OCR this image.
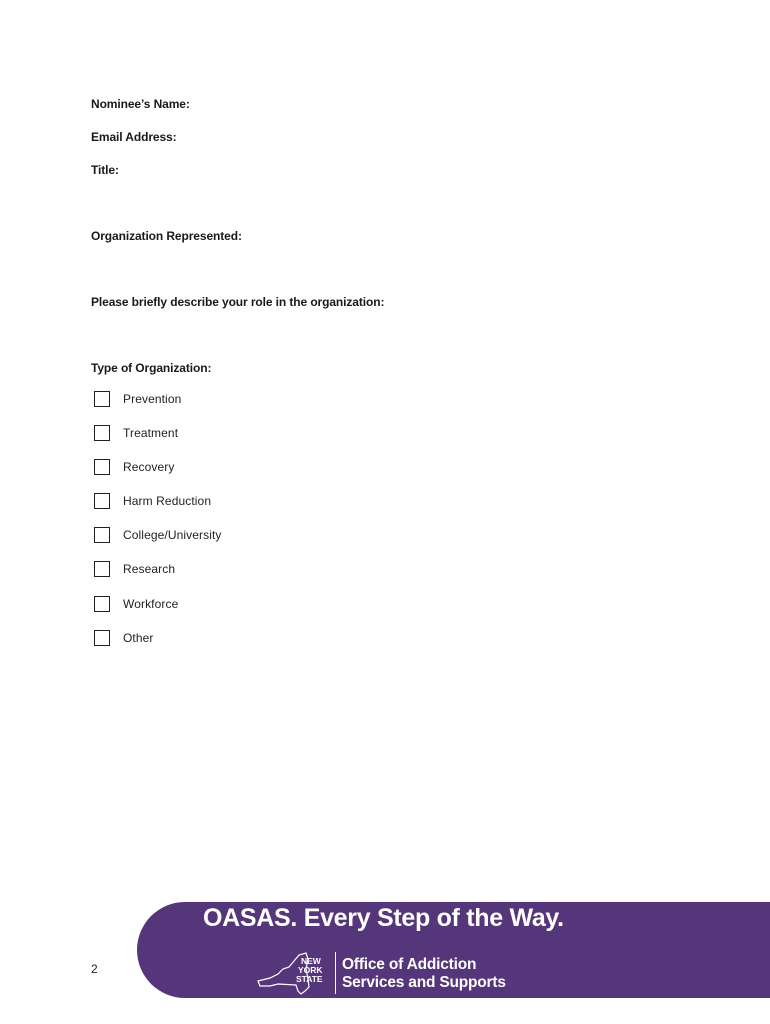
Nominee’s Name:
Email Address:
Title:
Organization Represented:
Please briefly describe your role in the organization:
Type of Organization:
Prevention
Treatment
Recovery
Harm Reduction
College/University
Research
Workforce
Other
OASAS. Every Step of the Way.
NEW
YORK
STATE
Office of Addiction
Services and Supports
2
